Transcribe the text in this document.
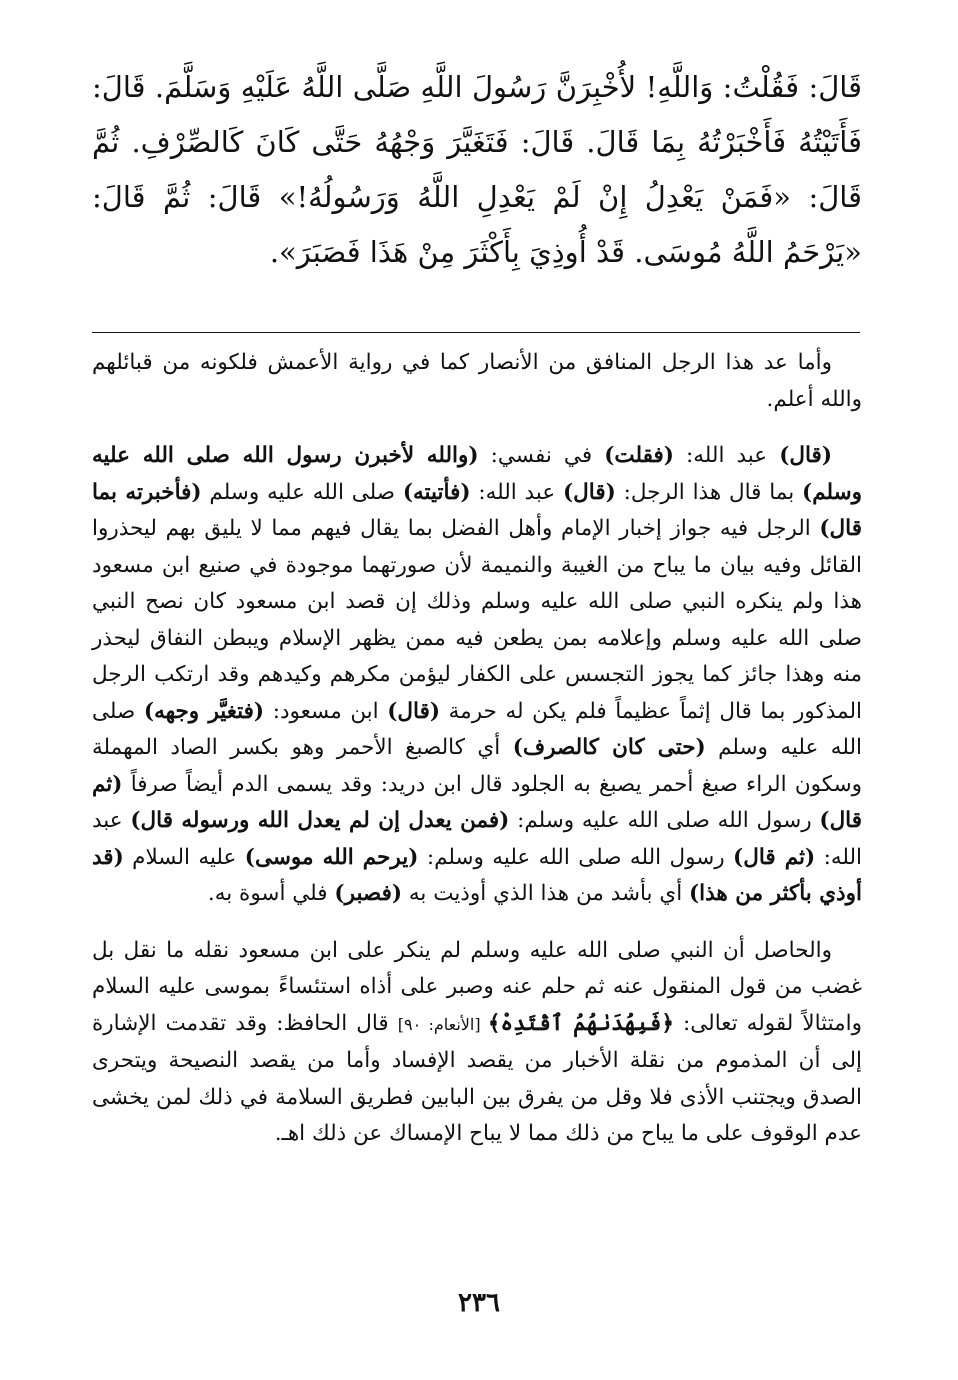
قَالَ: فَقُلْتُ: وَاللَّهِ! لأُخْبِرَنَّ رَسُولَ اللَّهِ صَلَّى اللَّهُ عَلَيْهِ وَسَلَّمَ. قَالَ: فَأَتَيْتُهُ فَأَخْبَرْتُهُ بِمَا قَالَ. قَالَ: فَتَغَيَّرَ وَجْهُهُ حَتَّى كَانَ كَالصِّرْفِ. ثُمَّ قَالَ: «فَمَنْ يَعْدِلُ إِنْ لَمْ يَعْدِلِ اللَّهُ وَرَسُولُهُ!» قَالَ: ثُمَّ قَالَ: «يَرْحَمُ اللَّهُ مُوسَى. قَدْ أُوذِيَ بِأَكْثَرَ مِنْ هَذَا فَصَبَرَ».

وأما عد هذا الرجل المنافق من الأنصار كما في رواية الأعمش فلكونه من قبائلهم والله أعلم.

(قال) عبد الله: (فقلت) في نفسي: (والله لأخبرن رسول الله صلى الله عليه وسلم) بما قال هذا الرجل: (قال) عبد الله: (فأتيته) صلى الله عليه وسلم (فأخبرته بما قال) الرجل فيه جواز إخبار الإمام وأهل الفضل بما يقال فيهم مما لا يليق بهم ليحذروا القائل وفيه بيان ما يباح من الغيبة والنميمة لأن صورتهما موجودة في صنيع ابن مسعود هذا ولم ينكره النبي صلى الله عليه وسلم وذلك إن قصد ابن مسعود كان نصح النبي صلى الله عليه وسلم وإعلامه بمن يطعن فيه ممن يظهر الإسلام ويبطن النفاق ليحذر منه وهذا جائز كما يجوز التجسس على الكفار ليؤمن مكرهم وكيدهم وقد ارتكب الرجل المذكور بما قال إثماً عظيماً فلم يكن له حرمة (قال) ابن مسعود: (فتغيَّر وجهه) صلى الله عليه وسلم (حتى كان كالصرف) أي كالصبغ الأحمر وهو بكسر الصاد المهملة وسكون الراء صبغ أحمر يصبغ به الجلود قال ابن دريد: وقد يسمى الدم أيضاً صرفاً (ثم قال) رسول الله صلى الله عليه وسلم: (فمن يعدل إن لم يعدل الله ورسوله قال) عبد الله: (ثم قال) رسول الله صلى الله عليه وسلم: (يرحم الله موسى) عليه السلام (قد أوذي بأكثر من هذا) أي بأشد من هذا الذي أوذيت به (فصبر) فلي أسوة به.

والحاصل أن النبي صلى الله عليه وسلم لم ينكر على ابن مسعود نقله ما نقل بل غضب من قول المنقول عنه ثم حلم عنه وصبر على أذاه استئساءً بموسى عليه السلام وامتثالاً لقوله تعالى: ﴿فَبِهُدَىٰهُمُ ٱقْتَدِهْ﴾ [الأنعام: ٩٠] قال الحافظ: وقد تقدمت الإشارة إلى أن المذموم من نقلة الأخبار من يقصد الإفساد وأما من يقصد النصيحة ويتحرى الصدق ويجتنب الأذى فلا وقل من يفرق بين البابين فطريق السلامة في ذلك لمن يخشى عدم الوقوف على ما يباح من ذلك مما لا يباح الإمساك عن ذلك اهـ.

٢٣٦
